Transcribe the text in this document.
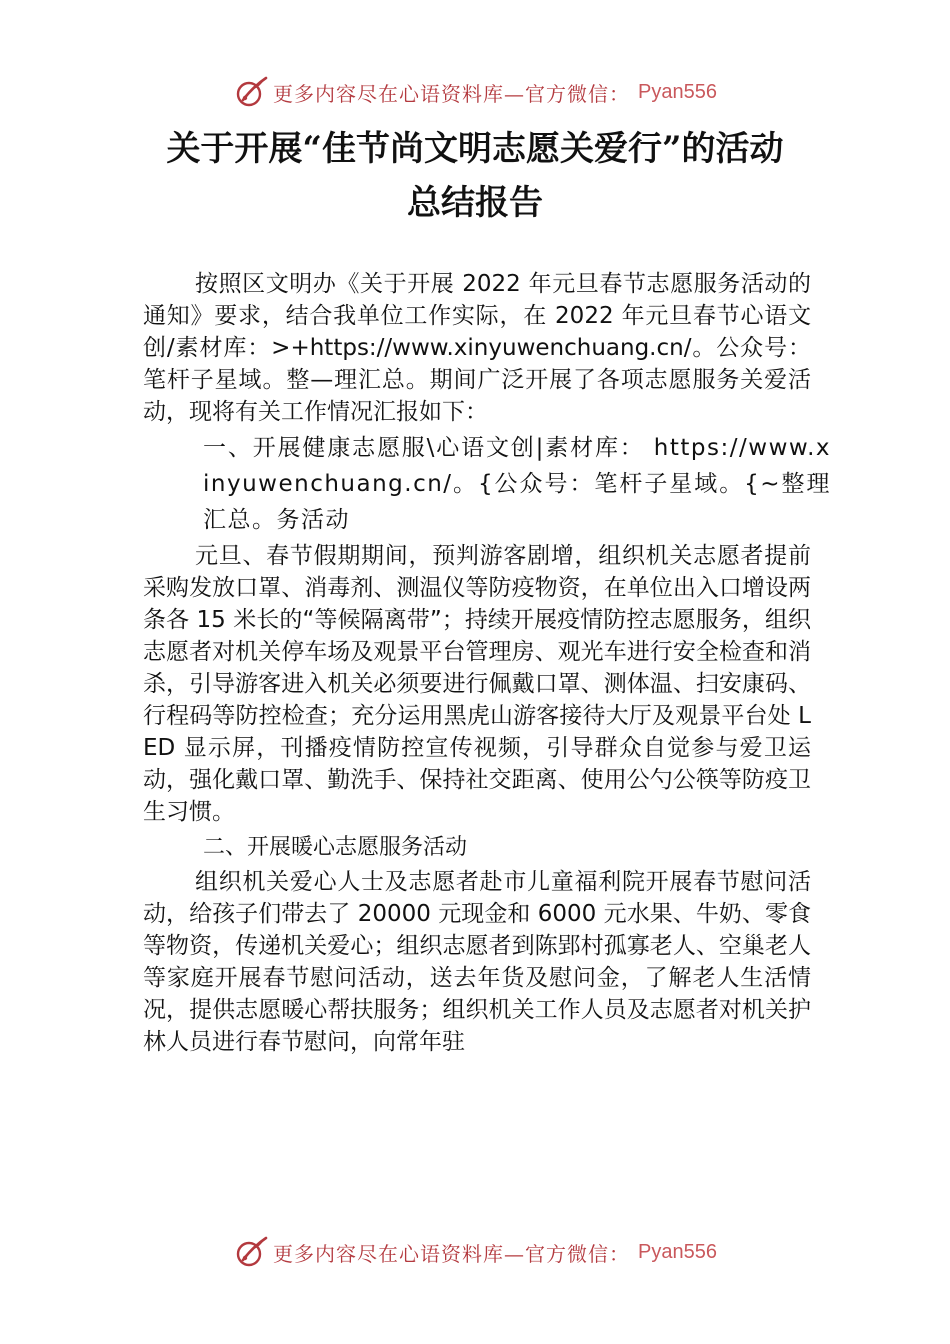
更多内容尽在心语资料库—官方微信： Pyan556
关于开展“佳节尚文明志愿关爱行”的活动
总结报告

按照区文明办《关于开展 2022 年元旦春节志愿服务活动的通知》要求，结合我单位工作实际，在 2022 年元旦春节心语文创/素材库：>+https://www.xinyuwenchuang.cn/。公众号：笔杆子星域。整—理汇总。期间广泛开展了各项志愿服务关爱活动，现将有关工作情况汇报如下：

一、开展健康志愿服\心语文创|素材库： https://www.xinyuwenchuang.cn/。{公众号：笔杆子星域。{~整理汇总。务活动

元旦、春节假期期间，预判游客剧增，组织机关志愿者提前采购发放口罩、消毒剂、测温仪等防疫物资，在单位出入口增设两条各 15 米长的“等候隔离带”；持续开展疫情防控志愿服务，组织志愿者对机关停车场及观景平台管理房、观光车进行安全检查和消杀，引导游客进入机关必须要进行佩戴口罩、测体温、扫安康码、行程码等防控检查；充分运用黑虎山游客接待大厅及观景平台处 LED 显示屏，刊播疫情防控宣传视频，引导群众自觉参与爱卫运动，强化戴口罩、勤洗手、保持社交距离、使用公勺公筷等防疫卫生习惯。

二、开展暖心志愿服务活动

组织机关爱心人士及志愿者赴市儿童福利院开展春节慰问活动，给孩子们带去了 20000 元现金和 6000 元水果、牛奶、零食等物资，传递机关爱心；组织志愿者到陈郢村孤寡老人、空巢老人等家庭开展春节慰问活动，送去年货及慰问金，了解老人生活情况，提供志愿暖心帮扶服务；组织机关工作人员及志愿者对机关护林人员进行春节慰问，向常年驻

更多内容尽在心语资料库—官方微信： Pyan556
